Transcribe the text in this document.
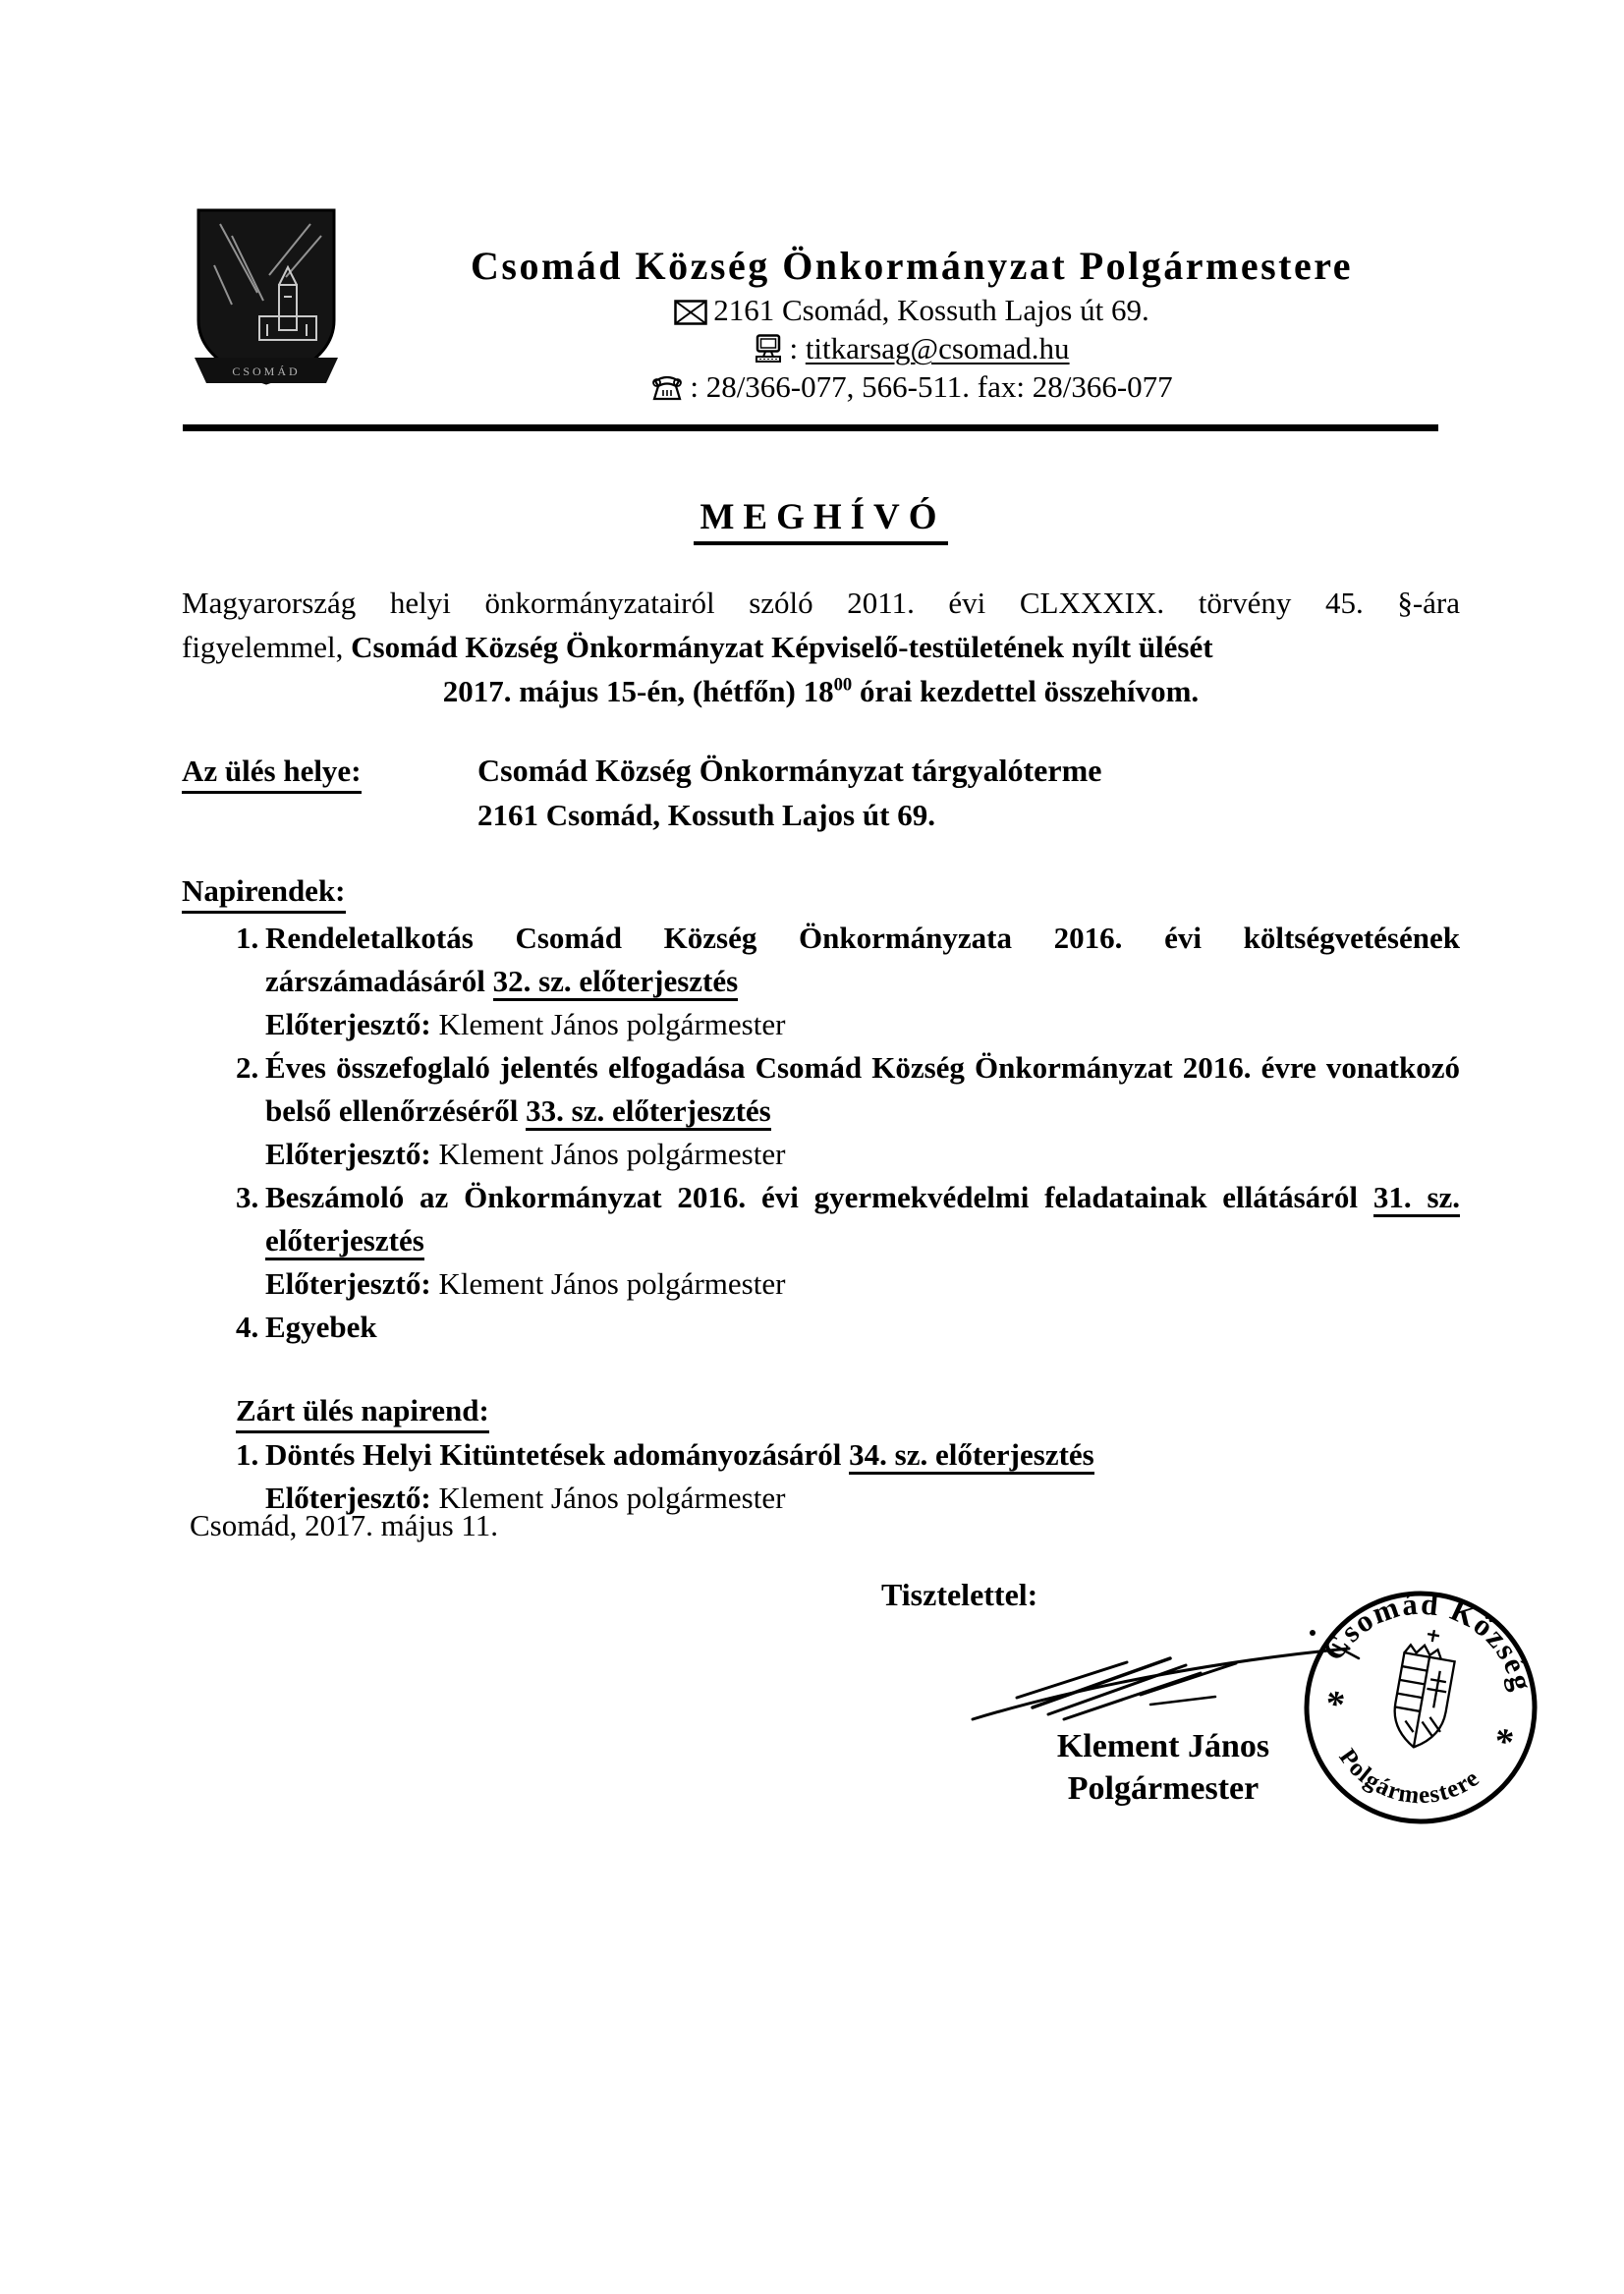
CSOMÁD
Csomád Község Önkormányzat Polgármestere
2161 Csomád, Kossuth Lajos út 69.
: titkarsag@csomad.hu
: 28/366-077, 566-511. fax: 28/366-077
MEGHÍVÓ
Magyarország helyi önkormányzatairól szóló 2011. évi CLXXXIX. törvény 45. §-ára
figyelemmel, Csomád Község Önkormányzat Képviselő-testületének nyílt ülését
2017. május 15-én, (hétfőn) $18^{00}$ órai kezdettel összehívom.
Az ülés helye:	Csomád Község Önkormányzat tárgyalóterme
2161 Csomád, Kossuth Lajos út 69.
Napirendek:
1. Rendeletalkotás Csomád Község Önkormányzata 2016. évi költségvetésének zárszámadásáról 32. sz. előterjesztés
Előterjesztő: Klement János polgármester
2. Éves összefoglaló jelentés elfogadása Csomád Község Önkormányzat 2016. évre vonatkozó belső ellenőrzéséről 33. sz. előterjesztés
Előterjesztő: Klement János polgármester
3. Beszámoló az Önkormányzat 2016. évi gyermekvédelmi feladatainak ellátásáról 31. sz. előterjesztés
Előterjesztő: Klement János polgármester
4. Egyebek
Zárt ülés napirend:
1. Döntés Helyi Kitüntetések adományozásáról 34. sz. előterjesztés
Előterjesztő: Klement János polgármester
Csomád, 2017. május 11.
Tisztelettel:
Klement János
Polgármester
Csomád Község
Polgármestere
*
*
